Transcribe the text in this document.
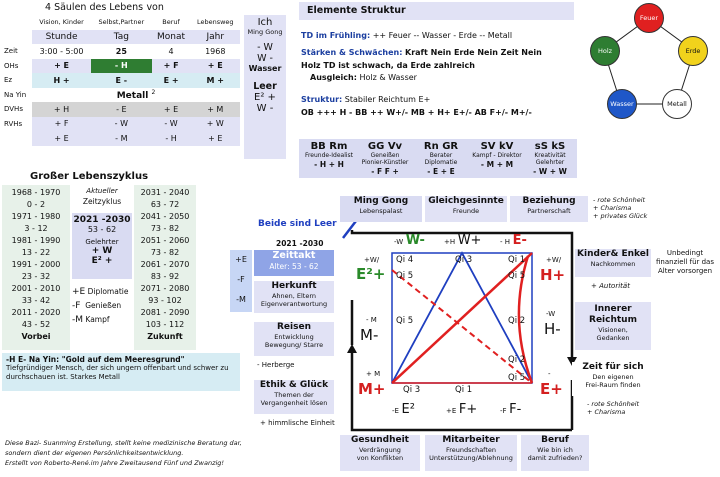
4 Säulen des Lebens von
	Vision, Kinder	Selbst,Partner	Beruf	Lebensweg
	Stunde	Tag	Monat	Jahr
Zeit	3:00 - 5:00	25	4	1968
OHs	+ E	- H	+ F	+ E
Ez	H +	E -	E +	M +
Na Yin	Metall $^2$
DVHs	+ H	- E	+ E	+ M
RVHs	+ F	- W	- W	+ W
	+ E	- M	- H	+ E
Ich
Ming Gong
- W
W -
Wasser
Leer
E² +
W -
Elemente Struktur
TD im Frühling: ++ Feuer -- Wasser - Erde -- Metall
Stärken & Schwächen: Kraft Nein Erde Nein Zeit Nein
Holz TD ist schwach, da Erde zahlreich
Ausgleich: Holz & Wasser
Struktur: Stabiler Reichtum E+
OB +++ H - BB ++ W+/- MB + H+ E+/- AB F+/- M+/-
Feuer
Holz	Erde
Wasser	Metall
BB Rm
Freunde-Idealist
- H + H
GG Vv
Geneißen
Pionier-Künstler
- F F +
Rn GR
Berater
Diplomatie
- E + E
SV kV
Kampf - Direktor
- M + M
sS kS
Kreativität
Gelehrter
- W + W
Großer Lebenszyklus
1968 - 1970
0 - 2
1971 - 1980
3 - 12
1981 - 1990
13 - 22
1991 - 2000
23 - 32
2001 - 2010
33 - 42
2011 - 2020
43 - 52
Vorbei
Aktueller
Zeitzyklus
2021 -2030
53 - 62
Gelehrter
+ W
E² +
+E Diplomatie
-F Genießen
-M Kampf
2031 - 2040
63 - 72
2041 - 2050
73 - 82
2051 - 2060
73 - 82
2061 - 2070
83 - 92
2071 - 2080
93 - 102
2081 - 2090
103 - 112
Zukunft
-H E- Na Yin: "Gold auf dem Meeresgrund"
Tiefgründiger Mensch, der sich ungern offenbart und schwer zu durchschauen ist. Starkes Metall
Diese Bazi- Suanming Erstellung, stellt keine medizinische Beratung dar,
sondern dient der eigenen Persönlichkeitsentwicklung.
Erstellt von Roberto-René.im Jahre Zweitausend Fünf und Zwanzig!
Ming Gong
Lebenspalast
Gleichgesinnte
Freunde
Beziehung
Partnerschaft
- rote Schönheit
+ Charisma
+ privates Glück
Beide sind Leer
2021 -2030
+E
-F
-M
Zeittakt
Alter: 53 - 62
Herkunft
Ahnen, Eltern
Eigenverantwortung
Reisen
Entwicklung
Bewegung/ Starre
- Herberge
Ethik & Glück
Themen der
Vergangenheit lösen
+ himmlische Einheit
Kinder& Enkel
Nachkommen
+ Autorität
Unbedingt
finanziell für das
Alter vorsorgen
Innerer
Reichtum
Visionen,
Gedanken
Zeit für sich
Den eigenen
Frei-Raum finden
- rote Schönheit
+ Charisma
Gesundheit
Verdrängung
von Konflikten
Mitarbeiter
Freundschaften
Unterstützung/Ablehnung
Beruf
Wie bin ich
damit zufrieden?
-W W-	+H W+	- H E-
+W/
E²+
- M
M-
+ M
M+
+W/
H+
-W
H-
-
E+
-E E²	+E F+	-F F-
Qi 4	Qi 3	Qi 1
Qi 5	Qi 5
Qi 5	Qi 2
Qi 2
Qi 3	Qi 1
Qi 5
